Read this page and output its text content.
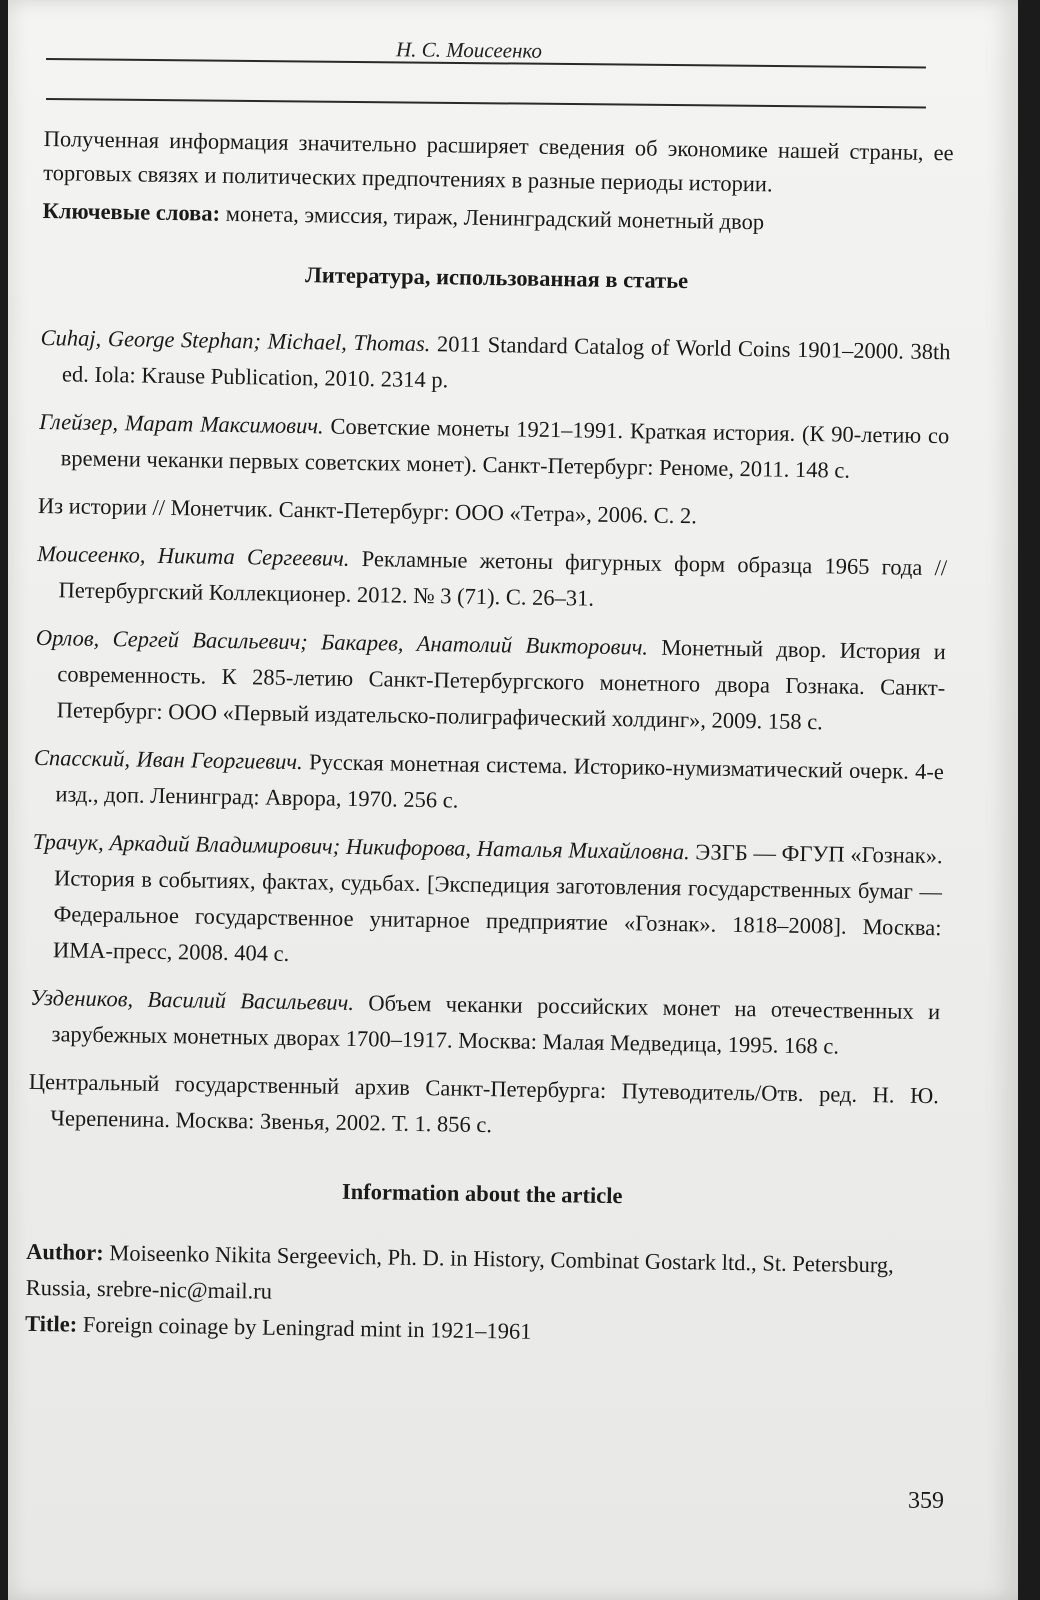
Н. С. Моисеенко

Полученная информация значительно расширяет сведения об экономике нашей страны, ее торговых связях и политических предпочтениях в разные периоды истории.

Ключевые слова: монета, эмиссия, тираж, Ленинградский монетный двор

Литература, использованная в статье
Cuhaj, George Stephan; Michael, Thomas. 2011 Standard Catalog of World Coins 1901–2000. 38th ed. Iola: Krause Publication, 2010. 2314 p.
Глейзер, Марат Максимович. Советские монеты 1921–1991. Краткая история. (К 90-летию со времени чеканки первых советских монет). Санкт-Петербург: Реноме, 2011. 148 с.
Из истории // Монетчик. Санкт-Петербург: ООО «Тетра», 2006. С. 2.
Моисеенко, Никита Сергеевич. Рекламные жетоны фигурных форм образца 1965 года // Петербургский Коллекционер. 2012. № 3 (71). С. 26–31.
Орлов, Сергей Васильевич; Бакарев, Анатолий Викторович. Монетный двор. История и современность. К 285-летию Санкт-Петербургского монетного двора Гознака. Санкт-Петербург: ООО «Первый издательско-полиграфический холдинг», 2009. 158 с.
Спасский, Иван Георгиевич. Русская монетная система. Историко-нумизматический очерк. 4-е изд., доп. Ленинград: Аврора, 1970. 256 с.
Трачук, Аркадий Владимирович; Никифорова, Наталья Михайловна. ЭЗГБ — ФГУП «Гознак». История в событиях, фактах, судьбах. [Экспедиция заготовления государственных бумаг — Федеральное государственное унитарное предприятие «Гознак». 1818–2008]. Москва: ИМА-пресс, 2008. 404 с.
Уздеников, Василий Васильевич. Объем чеканки российских монет на отечественных и зарубежных монетных дворах 1700–1917. Москва: Малая Медведица, 1995. 168 с.
Центральный государственный архив Санкт-Петербурга: Путеводитель/Отв. ред. Н. Ю. Черепенина. Москва: Звенья, 2002. Т. 1. 856 с.
Information about the article

Author: Moiseenko Nikita Sergeevich, Ph. D. in History, Combinat Gostark ltd., St. Petersburg, Russia, srebre-nic@mail.ru

Title: Foreign coinage by Leningrad mint in 1921–1961

359
